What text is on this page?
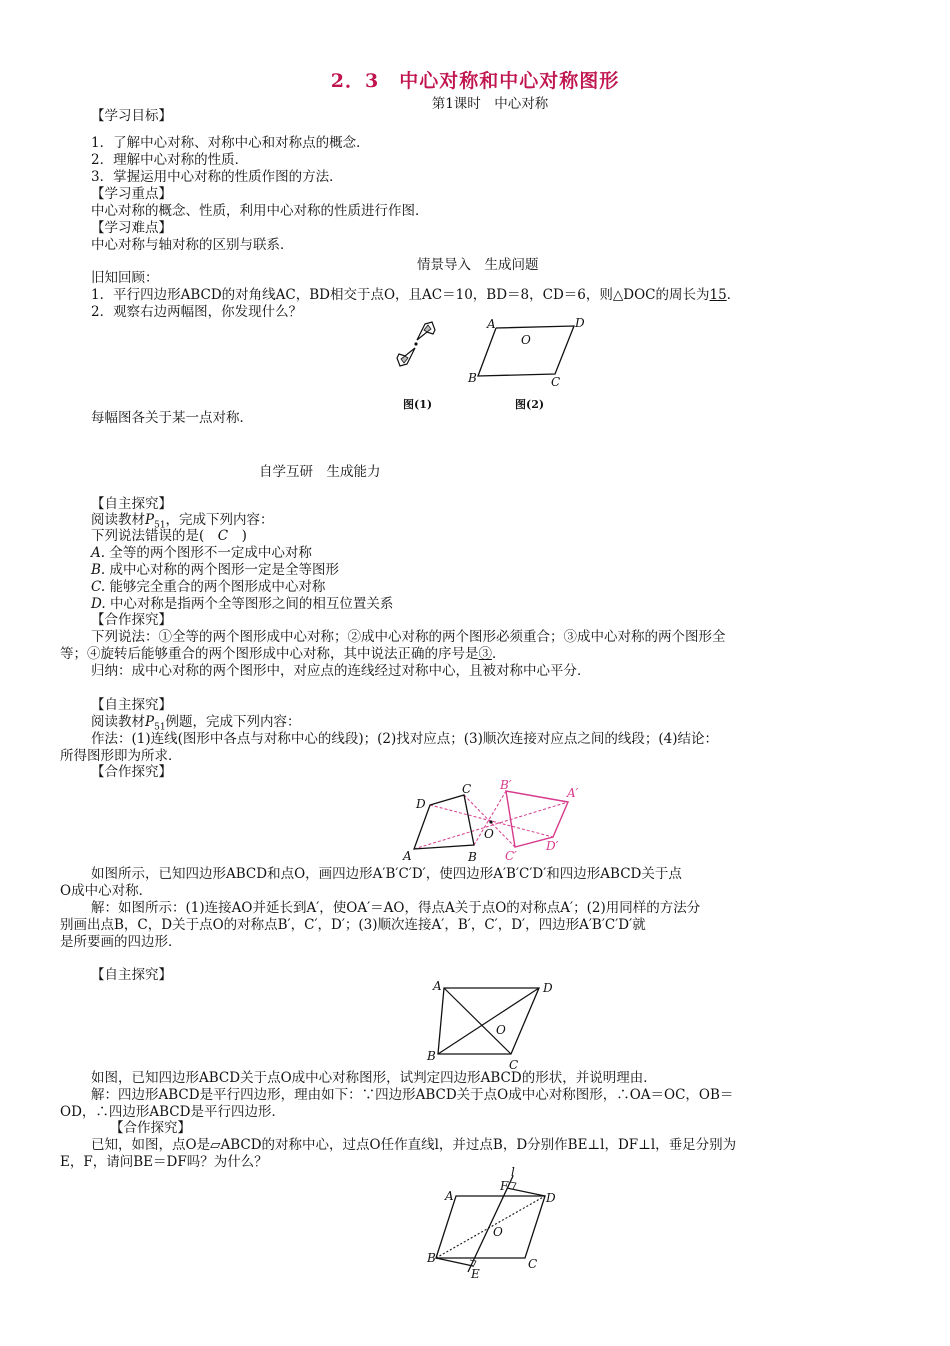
2．3　中心对称和中心对称图形
第1课时　中心对称
【学习目标】
1．了解中心对称、对称中心和对称点的概念．
2．理解中心对称的性质．
3．掌握运用中心对称的性质作图的方法．
【学习重点】
中心对称的概念、性质，利用中心对称的性质进行作图．
【学习难点】
中心对称与轴对称的区别与联系．
情景导入　生成问题
旧知回顾：
1．平行四边形ABCD的对角线AC，BD相交于点O，且AC＝10，BD＝8，CD＝6，则△DOC的周长为15．
2．观察右边两幅图，你发现什么？
图(1)
A
B	C
D
O
图(2)
每幅图各关于某一点对称．
自学互研　生成能力
【自主探究】
阅读教材$P_{51}$，完成下列内容：
下列说法错误的是(　C　)
A. 全等的两个图形不一定成中心对称
B. 成中心对称的两个图形一定是全等图形
C. 能够完全重合的两个图形成中心对称
D. 中心对称是指两个全等图形之间的相互位置关系
【合作探究】
下列说法：①全等的两个图形成中心对称；②成中心对称的两个图形必须重合；③成中心对称的两个图形全
等；④旋转后能够重合的两个图形成中心对称，其中说法正确的序号是③．
归纳：成中心对称的两个图形中，对应点的连线经过对称中心，且被对称中心平分．
【自主探究】
阅读教材$P_{51}$例题，完成下列内容：
作法：(1)连线(图形中各点与对称中心的线段)；(2)找对应点；(3)顺次连接对应点之间的线段；(4)结论：
所得图形即为所求．
【合作探究】
A	B
C
D
O
A′
B′
C′
D′
如图所示，已知四边形ABCD和点O，画四边形A′B′C′D′，使四边形A′B′C′D′和四边形ABCD关于点
O成中心对称．
解：如图所示：(1)连接AO并延长到A′，使OA′＝AO，得点A关于点O的对称点A′；(2)用同样的方法分
别画出点B，C，D关于点O的对称点B′，C′，D′；(3)顺次连接A′，B′，C′，D′，四边形A′B′C′D′就
是所要画的四边形．
【自主探究】
A
B
C
D
O
如图，已知四边形ABCD关于点O成中心对称图形，试判定四边形ABCD的形状，并说明理由．
解：四边形ABCD是平行四边形，理由如下：∵四边形ABCD关于点O成中心对称图形，∴OA＝OC，OB＝
OD，∴四边形ABCD是平行四边形．
【合作探究】
已知，如图，点O是▱ABCD的对称中心，过点O任作直线l，并过点B，D分别作BE⊥l，DF⊥l，垂足分别为
E，F，请问BE＝DF吗？为什么？
A
B	C
D
O
E
F
l
